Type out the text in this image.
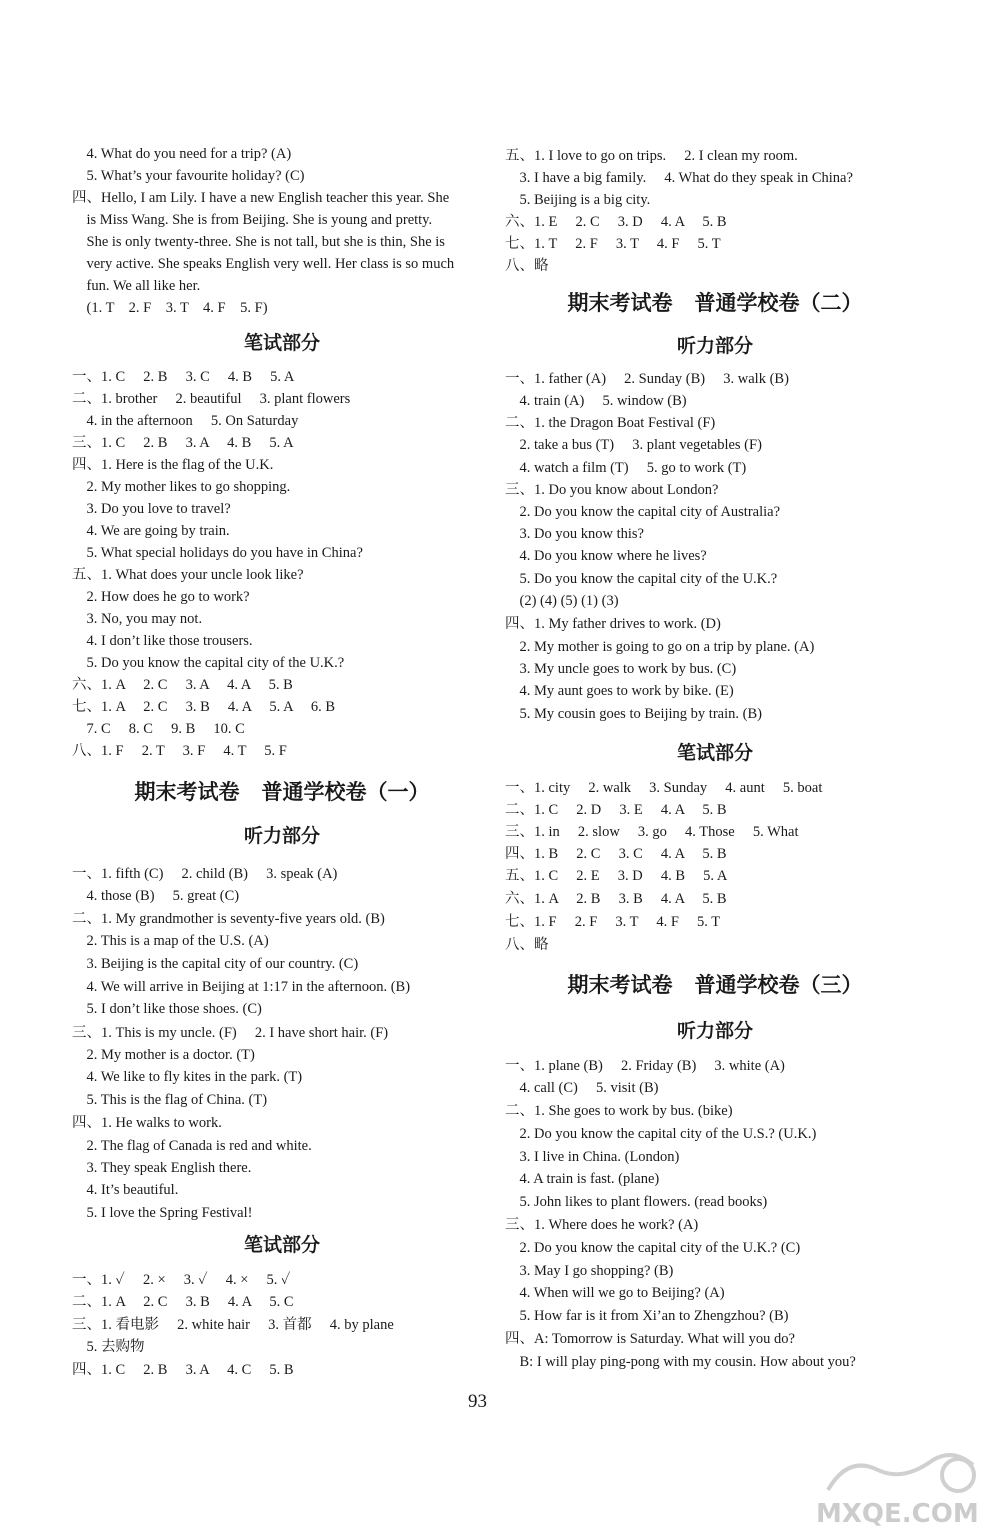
4. What do you need for a trip? (A)
5. What’s your favourite holiday? (C)
四、Hello, I am Lily. I have a new English teacher this year. She
is Miss Wang. She is from Beijing. She is young and pretty.
She is only twenty-three. She is not tall, but she is thin, She is
very active. She speaks English very well. Her class is so much
fun. We all like her.
(1. T    2. F    3. T    4. F    5. F)
笔试部分
一、1. C     2. B     3. C     4. B     5. A
二、1. brother     2. beautiful     3. plant flowers
4. in the afternoon     5. On Saturday
三、1. C     2. B     3. A     4. B     5. A
四、1. Here is the flag of the U.K.
2. My mother likes to go shopping.
3. Do you love to travel?
4. We are going by train.
5. What special holidays do you have in China?
五、1. What does your uncle look like?
2. How does he go to work?
3. No, you may not.
4. I don’t like those trousers.
5. Do you know the capital city of the U.K.?
六、1. A     2. C     3. A     4. A     5. B
七、1. A     2. C     3. B     4. A     5. A     6. B
7. C     8. C     9. B     10. C
八、1. F     2. T     3. F     4. T     5. F
期末考试卷   普通学校卷（一）
听力部分
一、1. fifth (C)     2. child (B)     3. speak (A)
4. those (B)     5. great (C)
二、1. My grandmother is seventy-five years old. (B)
2. This is a map of the U.S. (A)
3. Beijing is the capital city of our country. (C)
4. We will arrive in Beijing at 1:17 in the afternoon. (B)
5. I don’t like those shoes. (C)
三、1. This is my uncle. (F)     2. I have short hair. (F)
2. My mother is a doctor. (T)
4. We like to fly kites in the park. (T)
5. This is the flag of China. (T)
四、1. He walks to work.
2. The flag of Canada is red and white.
3. They speak English there.
4. It’s beautiful.
5. I love the Spring Festival!
笔试部分
一、1. ✓     2. ×     3. ✓     4. ×     5. ✓
二、1. A     2. C     3. B     4. A     5. C
三、1. 看电影     2. white hair     3. 首都     4. by plane
5. 去购物
四、1. C     2. B     3. A     4. C     5. B
五、1. I love to go on trips.     2. I clean my room.
3. I have a big family.     4. What do they speak in China?
5. Beijing is a big city.
六、1. E     2. C     3. D     4. A     5. B
七、1. T     2. F     3. T     4. F     5. T
八、略
期末考试卷   普通学校卷（二）
听力部分
一、1. father (A)     2. Sunday (B)     3. walk (B)
4. train (A)     5. window (B)
二、1. the Dragon Boat Festival (F)
2. take a bus (T)     3. plant vegetables (F)
4. watch a film (T)     5. go to work (T)
三、1. Do you know about London?
2. Do you know the capital city of Australia?
3. Do you know this?
4. Do you know where he lives?
5. Do you know the capital city of the U.K.?
(2) (4) (5) (1) (3)
四、1. My father drives to work. (D)
2. My mother is going to go on a trip by plane. (A)
3. My uncle goes to work by bus. (C)
4. My aunt goes to work by bike. (E)
5. My cousin goes to Beijing by train. (B)
笔试部分
一、1. city     2. walk     3. Sunday     4. aunt     5. boat
二、1. C     2. D     3. E     4. A     5. B
三、1. in     2. slow     3. go     4. Those     5. What
四、1. B     2. C     3. C     4. A     5. B
五、1. C     2. E     3. D     4. B     5. A
六、1. A     2. B     3. B     4. A     5. B
七、1. F     2. F     3. T     4. F     5. T
八、略
期末考试卷   普通学校卷（三）
听力部分
一、1. plane (B)     2. Friday (B)     3. white (A)
4. call (C)     5. visit (B)
二、1. She goes to work by bus. (bike)
2. Do you know the capital city of the U.S.? (U.K.)
3. I live in China. (London)
4. A train is fast. (plane)
5. John likes to plant flowers. (read books)
三、1. Where does he work? (A)
2. Do you know the capital city of the U.K.? (C)
3. May I go shopping? (B)
4. When will we go to Beijing? (A)
5. How far is it from Xi’an to Zhengzhou? (B)
四、A: Tomorrow is Saturday. What will you do?
B: I will play ping-pong with my cousin. How about you?
93
MXQE.COM
